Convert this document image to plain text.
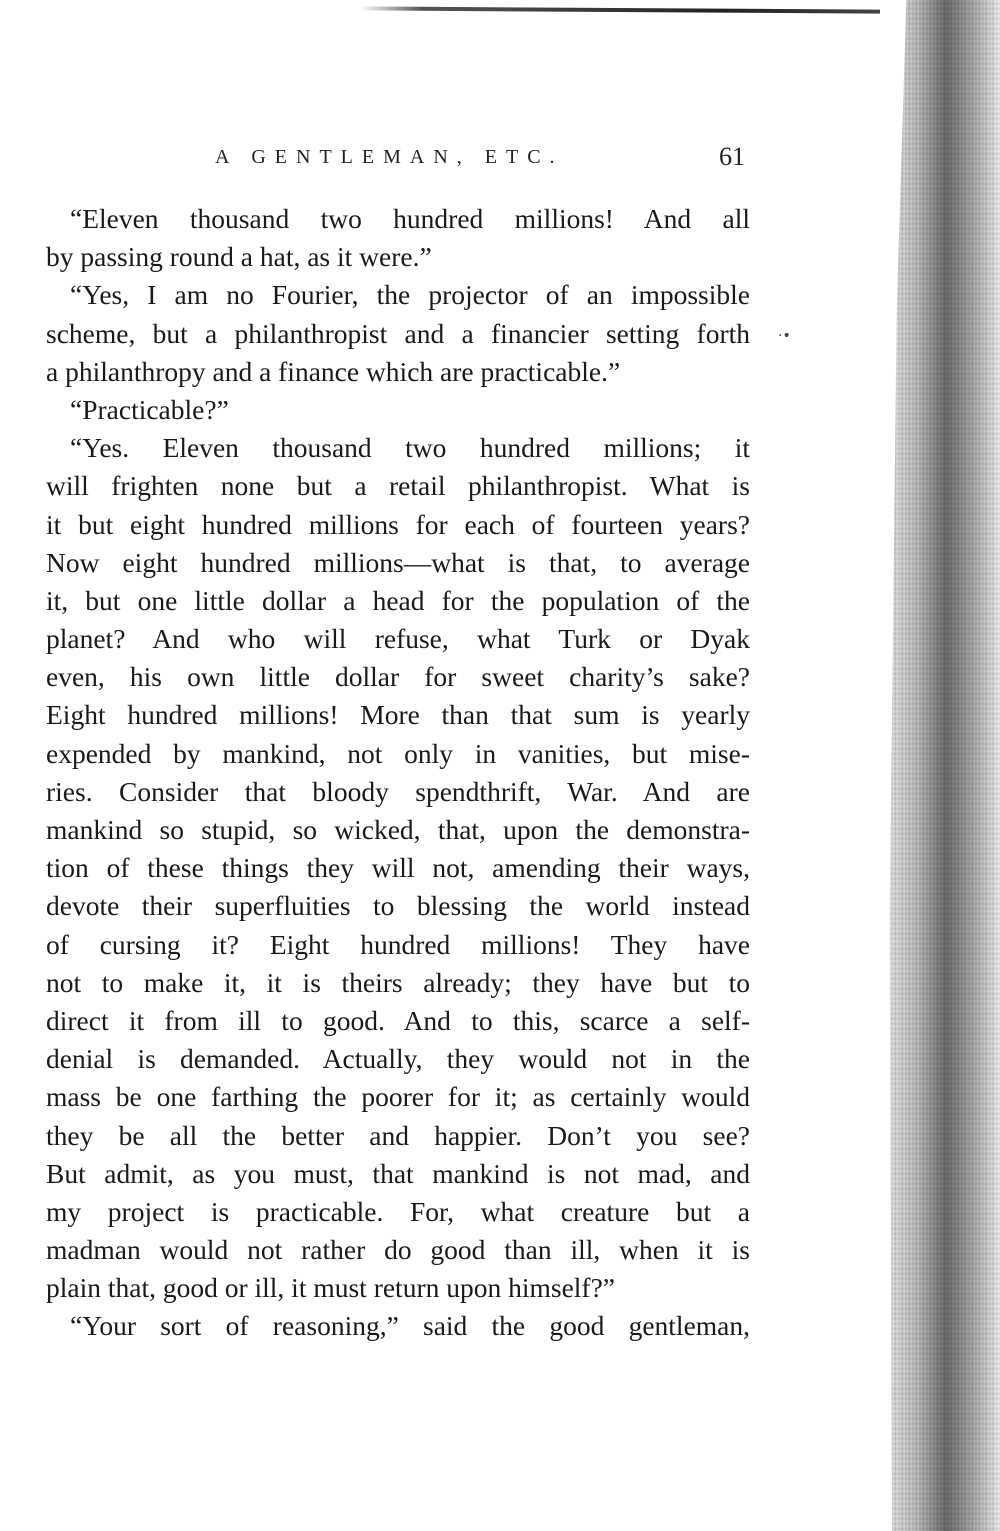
A GENTLEMAN, ETC.	61
·•
“Eleven thousand two hundred millions! And all
by passing round a hat, as it were.”
“Yes, I am no Fourier, the projector of an impossible
scheme, but a philanthropist and a financier setting forth
a philanthropy and a finance which are practicable.”
“Practicable?”
“Yes. Eleven thousand two hundred millions; it
will frighten none but a retail philanthropist. What is
it but eight hundred millions for each of fourteen years?
Now eight hundred millions—what is that, to average
it, but one little dollar a head for the population of the
planet? And who will refuse, what Turk or Dyak
even, his own little dollar for sweet charity’s sake?
Eight hundred millions! More than that sum is yearly
expended by mankind, not only in vanities, but mise-
ries. Consider that bloody spendthrift, War. And are
mankind so stupid, so wicked, that, upon the demonstra-
tion of these things they will not, amending their ways,
devote their superfluities to blessing the world instead
of cursing it? Eight hundred millions! They have
not to make it, it is theirs already; they have but to
direct it from ill to good. And to this, scarce a self-
denial is demanded. Actually, they would not in the
mass be one farthing the poorer for it; as certainly would
they be all the better and happier. Don’t you see?
But admit, as you must, that mankind is not mad, and
my project is practicable. For, what creature but a
madman would not rather do good than ill, when it is
plain that, good or ill, it must return upon himself?”
“Your sort of reasoning,” said the good gentleman,
